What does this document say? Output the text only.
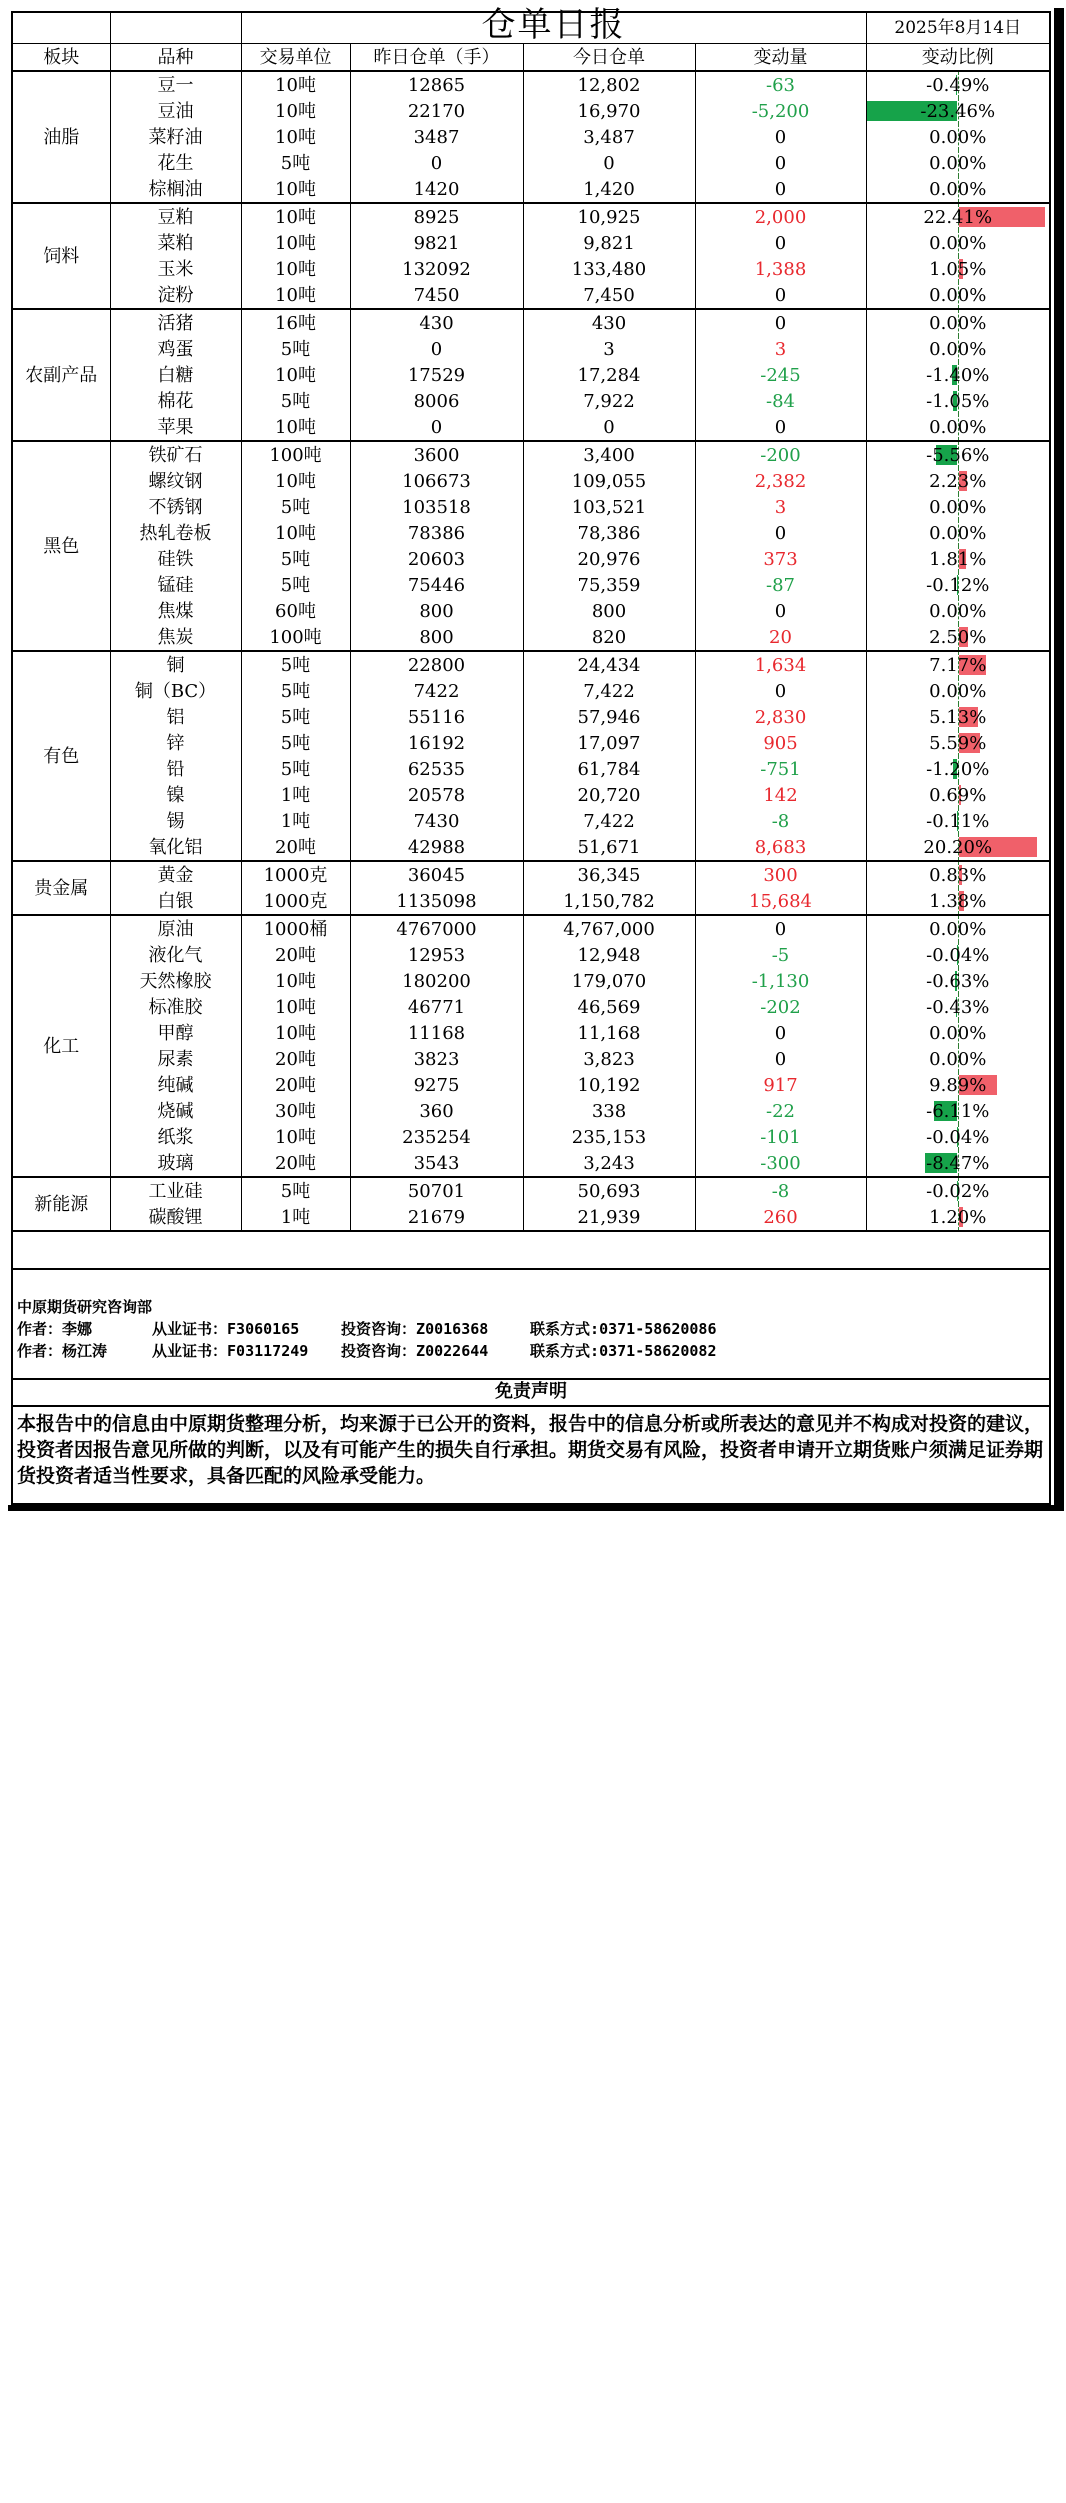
		仓单日报				2025年8月14日
板块	品种	交易单位	昨日仓单（手）	今日仓单	变动量	变动比例
油脂	豆一	10吨	12865	12,802	-63	-0.49%
	豆油	10吨	22170	16,970	-5,200	-23.46%
	菜籽油	10吨	3487	3,487	0	0.00%
	花生	5吨	0	0	0	0.00%
	棕榈油	10吨	1420	1,420	0	0.00%
饲料	豆粕	10吨	8925	10,925	2,000	22.41%
	菜粕	10吨	9821	9,821	0	0.00%
	玉米	10吨	132092	133,480	1,388	1.05%
	淀粉	10吨	7450	7,450	0	0.00%
农副产品	活猪	16吨	430	430	0	0.00%
	鸡蛋	5吨	0	3	3	0.00%
	白糖	10吨	17529	17,284	-245	-1.40%
	棉花	5吨	8006	7,922	-84	-1.05%
	苹果	10吨	0	0	0	0.00%
黑色	铁矿石	100吨	3600	3,400	-200	-5.56%
	螺纹钢	10吨	106673	109,055	2,382	2.23%
	不锈钢	5吨	103518	103,521	3	0.00%
	热轧卷板	10吨	78386	78,386	0	0.00%
	硅铁	5吨	20603	20,976	373	1.81%
	锰硅	5吨	75446	75,359	-87	-0.12%
	焦煤	60吨	800	800	0	0.00%
	焦炭	100吨	800	820	20	2.50%
有色	铜	5吨	22800	24,434	1,634	7.17%
	铜（BC）	5吨	7422	7,422	0	0.00%
	铝	5吨	55116	57,946	2,830	5.13%
	锌	5吨	16192	17,097	905	5.59%
	铅	5吨	62535	61,784	-751	-1.20%
	镍	1吨	20578	20,720	142	0.69%
	锡	1吨	7430	7,422	-8	-0.11%
	氧化铝	20吨	42988	51,671	8,683	20.20%
贵金属	黄金	1000克	36045	36,345	300	0.83%
	白银	1000克	1135098	1,150,782	15,684	1.38%
化工	原油	1000桶	4767000	4,767,000	0	0.00%
	液化气	20吨	12953	12,948	-5	-0.04%
	天然橡胶	10吨	180200	179,070	-1,130	-0.63%
	标准胶	10吨	46771	46,569	-202	-0.43%
	甲醇	10吨	11168	11,168	0	0.00%
	尿素	20吨	3823	3,823	0	0.00%
	纯碱	20吨	9275	10,192	917	9.89%
	烧碱	30吨	360	338	-22	-6.11%
	纸浆	10吨	235254	235,153	-101	-0.04%
	玻璃	20吨	3543	3,243	-300	-8.47%
新能源	工业硅	5吨	50701	50,693	-8	-0.02%
	碳酸锂	1吨	21679	21,939	260	1.20%
中原期货研究咨询部
作者：李娜	从业证书：F3060165	投资咨询：Z0016368	联系方式:0371-58620086
作者：杨江涛	从业证书：F03117249 投资咨询：Z0022644	联系方式:0371-58620082
免责声明
本报告中的信息由中原期货整理分析，均来源于已公开的资料，报告中的信息分析或所表达的意见并不构成对投资的建议，投资者因报告意见所做的判断，以及有可能产生的损失自行承担。期货交易有风险，投资者申请开立期货账户须满足证券期货投资者适当性要求，具备匹配的风险承受能力。
